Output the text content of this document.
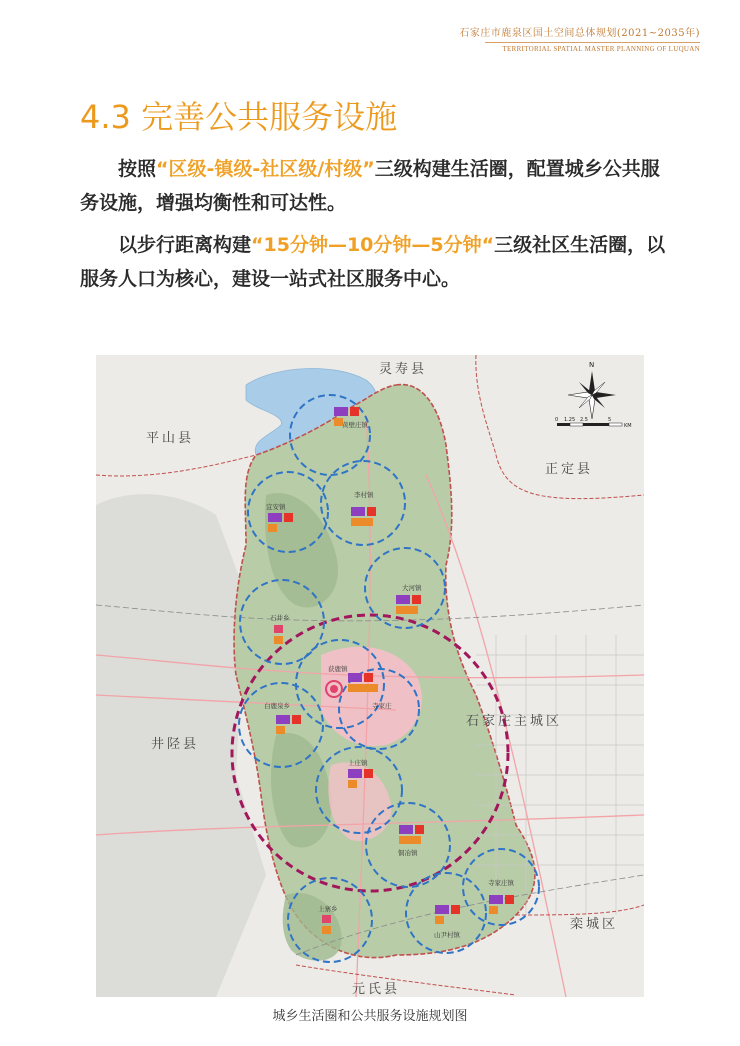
石家庄市鹿泉区国土空间总体规划(2021~2035年)
TERRITORIAL SPATIAL MASTER PLANNING OF LUQUAN
4.3 完善公共服务设施

按照“区级-镇级-社区级/村级”三级构建生活圈，配置城乡公共服务设施，增强均衡性和可达性。

以步行距离构建“15分钟—10分钟—5分钟“三级社区生活圈，以服务人口为核心，建设一站式社区服务中心。

灵寿县
平山县
正定县
石家庄主城区
井陉县
栾城区
元氏县
黄壁庄镇
李村镇
宜安镇
大河镇
石井乡
获鹿镇
白鹿泉乡	寺家庄
上庄镇
铜冶镇
寺家庄镇
上寨乡
山尹村镇
N
0 1.25 2.5	5
KM
城乡生活圈和公共服务设施规划图
